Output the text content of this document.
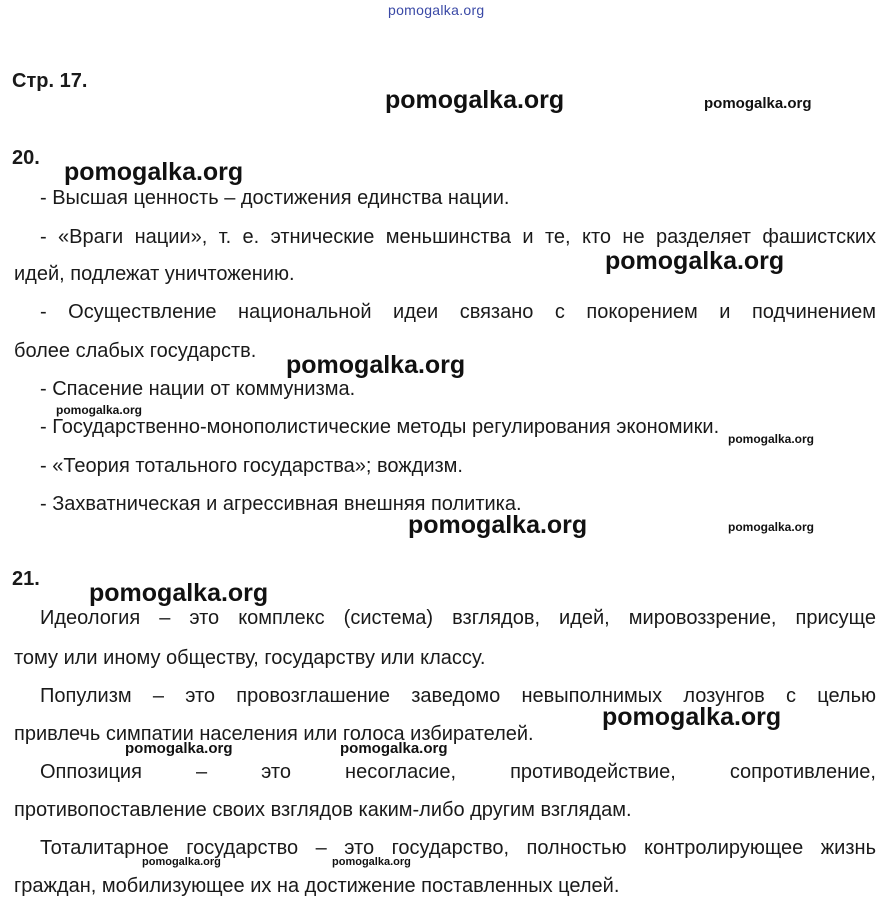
pomogalka.org
Стр. 17.
20.
- Высшая ценность – достижения единства нации.
- «Враги нации», т. е. этнические меньшинства и те, кто не разделяет фашистских
идей, подлежат уничтожению.
- Осуществление национальной идеи связано с покорением и подчинением
более слабых государств.
- Спасение нации от коммунизма.
- Государственно-монополистические методы регулирования экономики.
- «Теория тотального государства»; вождизм.
- Захватническая и агрессивная внешняя политика.
21.
Идеология – это комплекс (система) взглядов, идей, мировоззрение, присуще
тому или иному обществу, государству или классу.
Популизм – это провозглашение заведомо невыполнимых лозунгов с целью
привлечь симпатии населения или голоса избирателей.
Оппозиция – это несогласие, противодействие, сопротивление,
противопоставление своих взглядов каким-либо другим взглядам.
Тоталитарное государство – это государство, полностью контролирующее жизнь
граждан, мобилизующее их на достижение поставленных целей.
pomogalka.org	pomogalka.org
pomogalka.org
pomogalka.org
pomogalka.org
pomogalka.org
pomogalka.org
pomogalka.org	pomogalka.org
pomogalka.org
pomogalka.org
pomogalka.org	pomogalka.org
pomogalka.org	pomogalka.org
